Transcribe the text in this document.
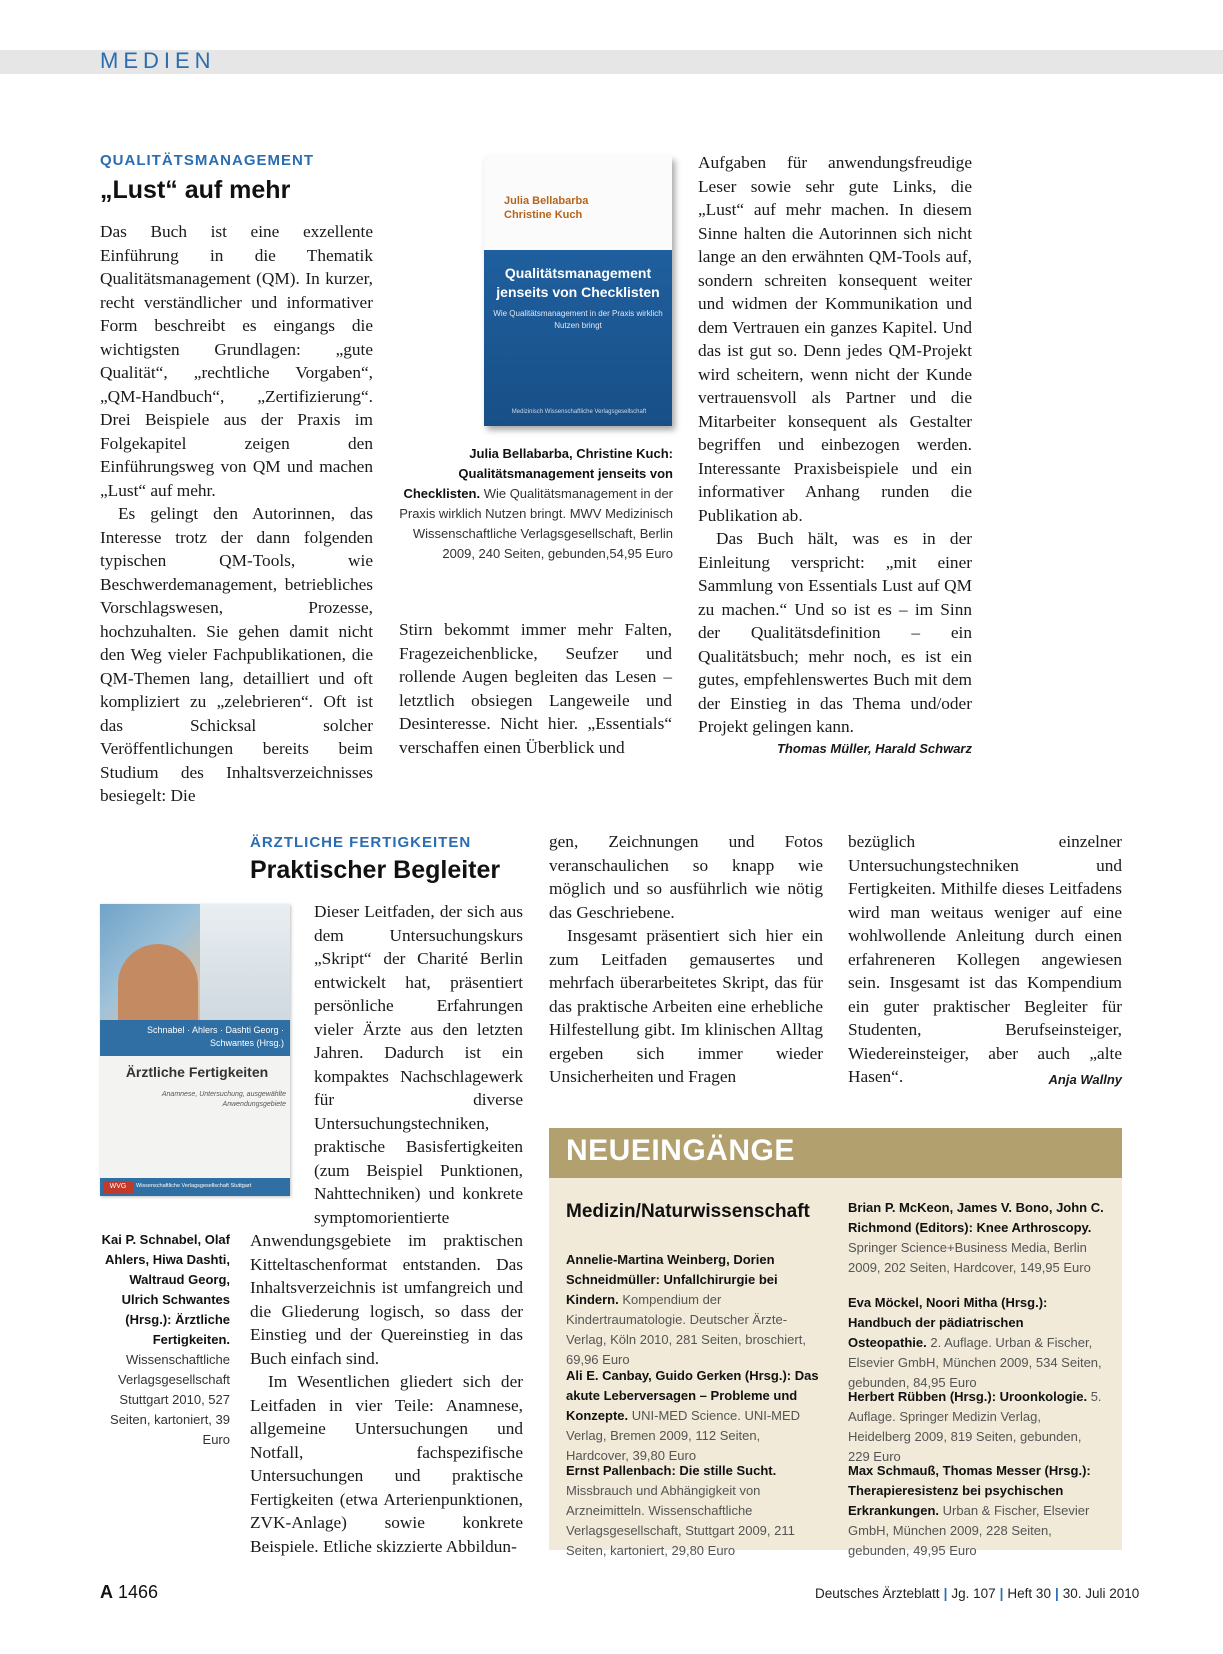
MEDIEN
QUALITÄTSMANAGEMENT
„Lust“ auf mehr

Das Buch ist eine exzellente Einführung in die Thematik Qualitätsmanagement (QM). In kurzer, recht verständlicher und informativer Form beschreibt es eingangs die wichtigsten Grundlagen: „gute Qualität“, „rechtliche Vorgaben“, „QM-Handbuch“, „Zertifizierung“. Drei Beispiele aus der Praxis im Folgekapitel zeigen den Einführungsweg von QM und machen „Lust“ auf mehr.

Es gelingt den Autorinnen, das Interesse trotz der dann folgenden typischen QM-Tools, wie Beschwerdemanagement, betriebliches Vorschlagswesen, Prozesse, hochzuhalten. Sie gehen damit nicht den Weg vieler Fachpublikationen, die QM-Themen lang, detailliert und oft kompliziert zu „zelebrieren“. Oft ist das Schicksal solcher Veröffentlichungen bereits beim Studium des Inhaltsverzeichnisses besiegelt: Die

Julia Bellabarba
Christine Kuch
Qualitätsmanagement jenseits von Checklisten
Wie Qualitätsmanagement in der Praxis wirklich Nutzen bringt
Medizinisch Wissenschaftliche Verlagsgesellschaft
Julia Bellabarba, Christine Kuch: Qualitätsmanagement jenseits von Checklisten. Wie Qualitätsmanagement in der Praxis wirklich Nutzen bringt. MWV Medizinisch Wissenschaftliche Verlagsgesellschaft, Berlin 2009, 240 Seiten, gebunden,54,95 Euro

Stirn bekommt immer mehr Falten, Fragezeichenblicke, Seufzer und rollende Augen begleiten das Lesen – letztlich obsiegen Langeweile und Desinteresse. Nicht hier. „Essentials“ verschaffen einen Überblick und

Aufgaben für anwendungsfreudige Leser sowie sehr gute Links, die „Lust“ auf mehr machen. In diesem Sinne halten die Autorinnen sich nicht lange an den erwähnten QM-Tools auf, sondern schreiten konsequent weiter und widmen der Kommunikation und dem Vertrauen ein ganzes Kapitel. Und das ist gut so. Denn jedes QM-Projekt wird scheitern, wenn nicht der Kunde vertrauensvoll als Partner und die Mitarbeiter konsequent als Gestalter begriffen und einbezogen werden. Interessante Praxisbeispiele und ein informativer Anhang runden die Publikation ab.

Das Buch hält, was es in der Einleitung verspricht: „mit einer Sammlung von Essentials Lust auf QM zu machen.“ Und so ist es – im Sinn der Qualitätsdefinition – ein Qualitätsbuch; mehr noch, es ist ein gutes, empfehlenswertes Buch mit dem der Einstieg in das Thema und/oder Projekt gelingen kann.

Thomas Müller, Harald Schwarz
ÄRZTLICHE FERTIGKEITEN
Praktischer Begleiter
Schnabel · Ahlers · Dashti Georg · Schwantes (Hrsg.)
Ärztliche Fertigkeiten
Anamnese, Untersuchung, ausgewählte Anwendungsgebiete
WVG	Wissenschaftliche Verlagsgesellschaft Stuttgart
Kai P. Schnabel, Olaf Ahlers, Hiwa Dashti, Waltraud Georg, Ulrich Schwantes (Hrsg.): Ärztliche Fertigkeiten. Wissenschaftliche Verlagsgesellschaft Stuttgart 2010, 527 Seiten, kartoniert, 39 Euro

Dieser Leitfaden, der sich aus dem Untersuchungskurs „Skript“ der Charité Berlin entwickelt hat, präsentiert persönliche Erfahrungen vieler Ärzte aus den letzten Jahren. Dadurch ist ein kompaktes Nachschlagewerk für diverse Untersuchungstechniken, praktische Basisfertigkeiten (zum Beispiel Punktionen, Nahttechniken) und konkrete symptomorientierte

Anwendungsgebiete im praktischen Kitteltaschenformat entstanden. Das Inhaltsverzeichnis ist umfangreich und die Gliederung logisch, so dass der Einstieg und der Quereinstieg in das Buch einfach sind.

Im Wesentlichen gliedert sich der Leitfaden in vier Teile: Anamnese, allgemeine Untersuchungen und Notfall, fachspezifische Untersuchungen und praktische Fertigkeiten (etwa Arterienpunktionen, ZVK-Anlage) sowie konkrete Beispiele. Etliche skizzierte Abbildun-

gen, Zeichnungen und Fotos veranschaulichen so knapp wie möglich und so ausführlich wie nötig das Geschriebene.

Insgesamt präsentiert sich hier ein zum Leitfaden gemausertes und mehrfach überarbeitetes Skript, das für das praktische Arbeiten eine erhebliche Hilfestellung gibt. Im klinischen Alltag ergeben sich immer wieder Unsicherheiten und Fragen

bezüglich einzelner Untersuchungstechniken und Fertigkeiten. Mithilfe dieses Leitfadens wird man weitaus weniger auf eine wohlwollende Anleitung durch einen erfahreneren Kollegen angewiesen sein. Insgesamt ist das Kompendium ein guter praktischer Begleiter für Studenten, Berufseinsteiger, Wiedereinsteiger, aber auch „alte Hasen“.	Anja Wallny
NEUEINGÄNGE
Medizin/Naturwissenschaft
Annelie-Martina Weinberg, Dorien Schneidmüller: Unfallchirurgie bei Kindern. Kompendium der Kindertraumatologie. Deutscher Ärzte-Verlag, Köln 2010, 281 Seiten, broschiert, 69,96 Euro
Ali E. Canbay, Guido Gerken (Hrsg.): Das akute Leberversagen – Probleme und Konzepte. UNI-MED Science. UNI-MED Verlag, Bremen 2009, 112 Seiten, Hardcover, 39,80 Euro
Ernst Pallenbach: Die stille Sucht. Missbrauch und Abhängigkeit von Arzneimitteln. Wissenschaftliche Verlagsgesellschaft, Stuttgart 2009, 211 Seiten, kartoniert, 29,80 Euro
Brian P. McKeon, James V. Bono, John C. Richmond (Editors): Knee Arthroscopy. Springer Science+Business Media, Berlin 2009, 202 Seiten, Hardcover, 149,95 Euro
Eva Möckel, Noori Mitha (Hrsg.): Handbuch der pädiatrischen Osteopathie. 2. Auflage. Urban & Fischer, Elsevier GmbH, München 2009, 534 Seiten, gebunden, 84,95 Euro
Herbert Rübben (Hrsg.): Uroonkologie. 5. Auflage. Springer Medizin Verlag, Heidelberg 2009, 819 Seiten, gebunden, 229 Euro
Max Schmauß, Thomas Messer (Hrsg.): Therapieresistenz bei psychischen Erkrankungen. Urban & Fischer, Elsevier GmbH, München 2009, 228 Seiten, gebunden, 49,95 Euro
A 1466	Deutsches Ärzteblatt | Jg. 107 | Heft 30 | 30. Juli 2010
